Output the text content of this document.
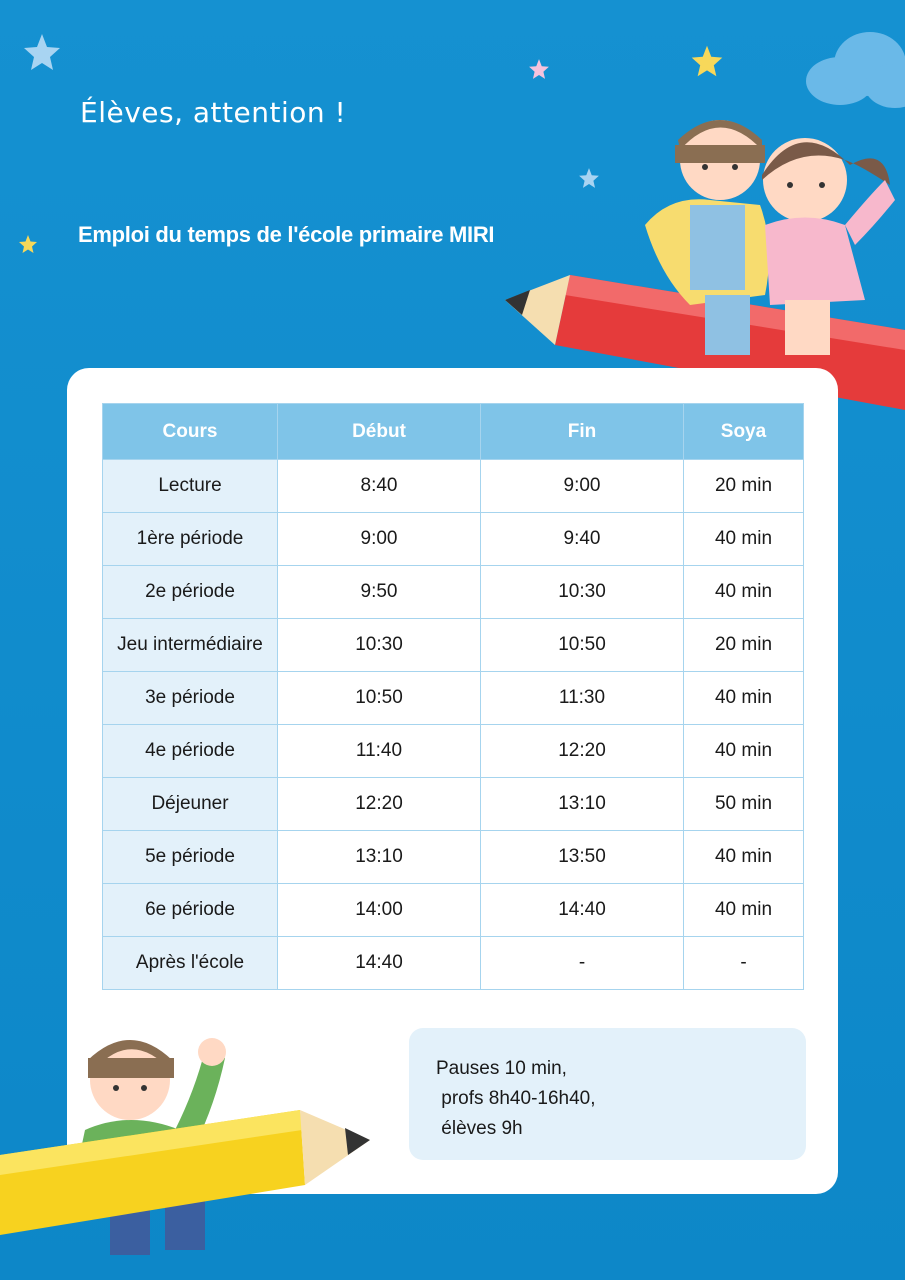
Élèves, attention !
Emploi du temps de l'école primaire MIRI
Cours	Début	Fin	Soya
Lecture	8:40	9:00	20 min
1ère période	9:00	9:40	40 min
2e période	9:50	10:30	40 min
Jeu intermédiaire	10:30	10:50	20 min
3e période	10:50	11:30	40 min
4e période	11:40	12:20	40 min
Déjeuner	12:20	13:10	50 min
5e période	13:10	13:50	40 min
6e période	14:00	14:40	40 min
Après l'école	14:40	-	-
Pauses 10 min,
profs 8h40-16h40,
élèves 9h
